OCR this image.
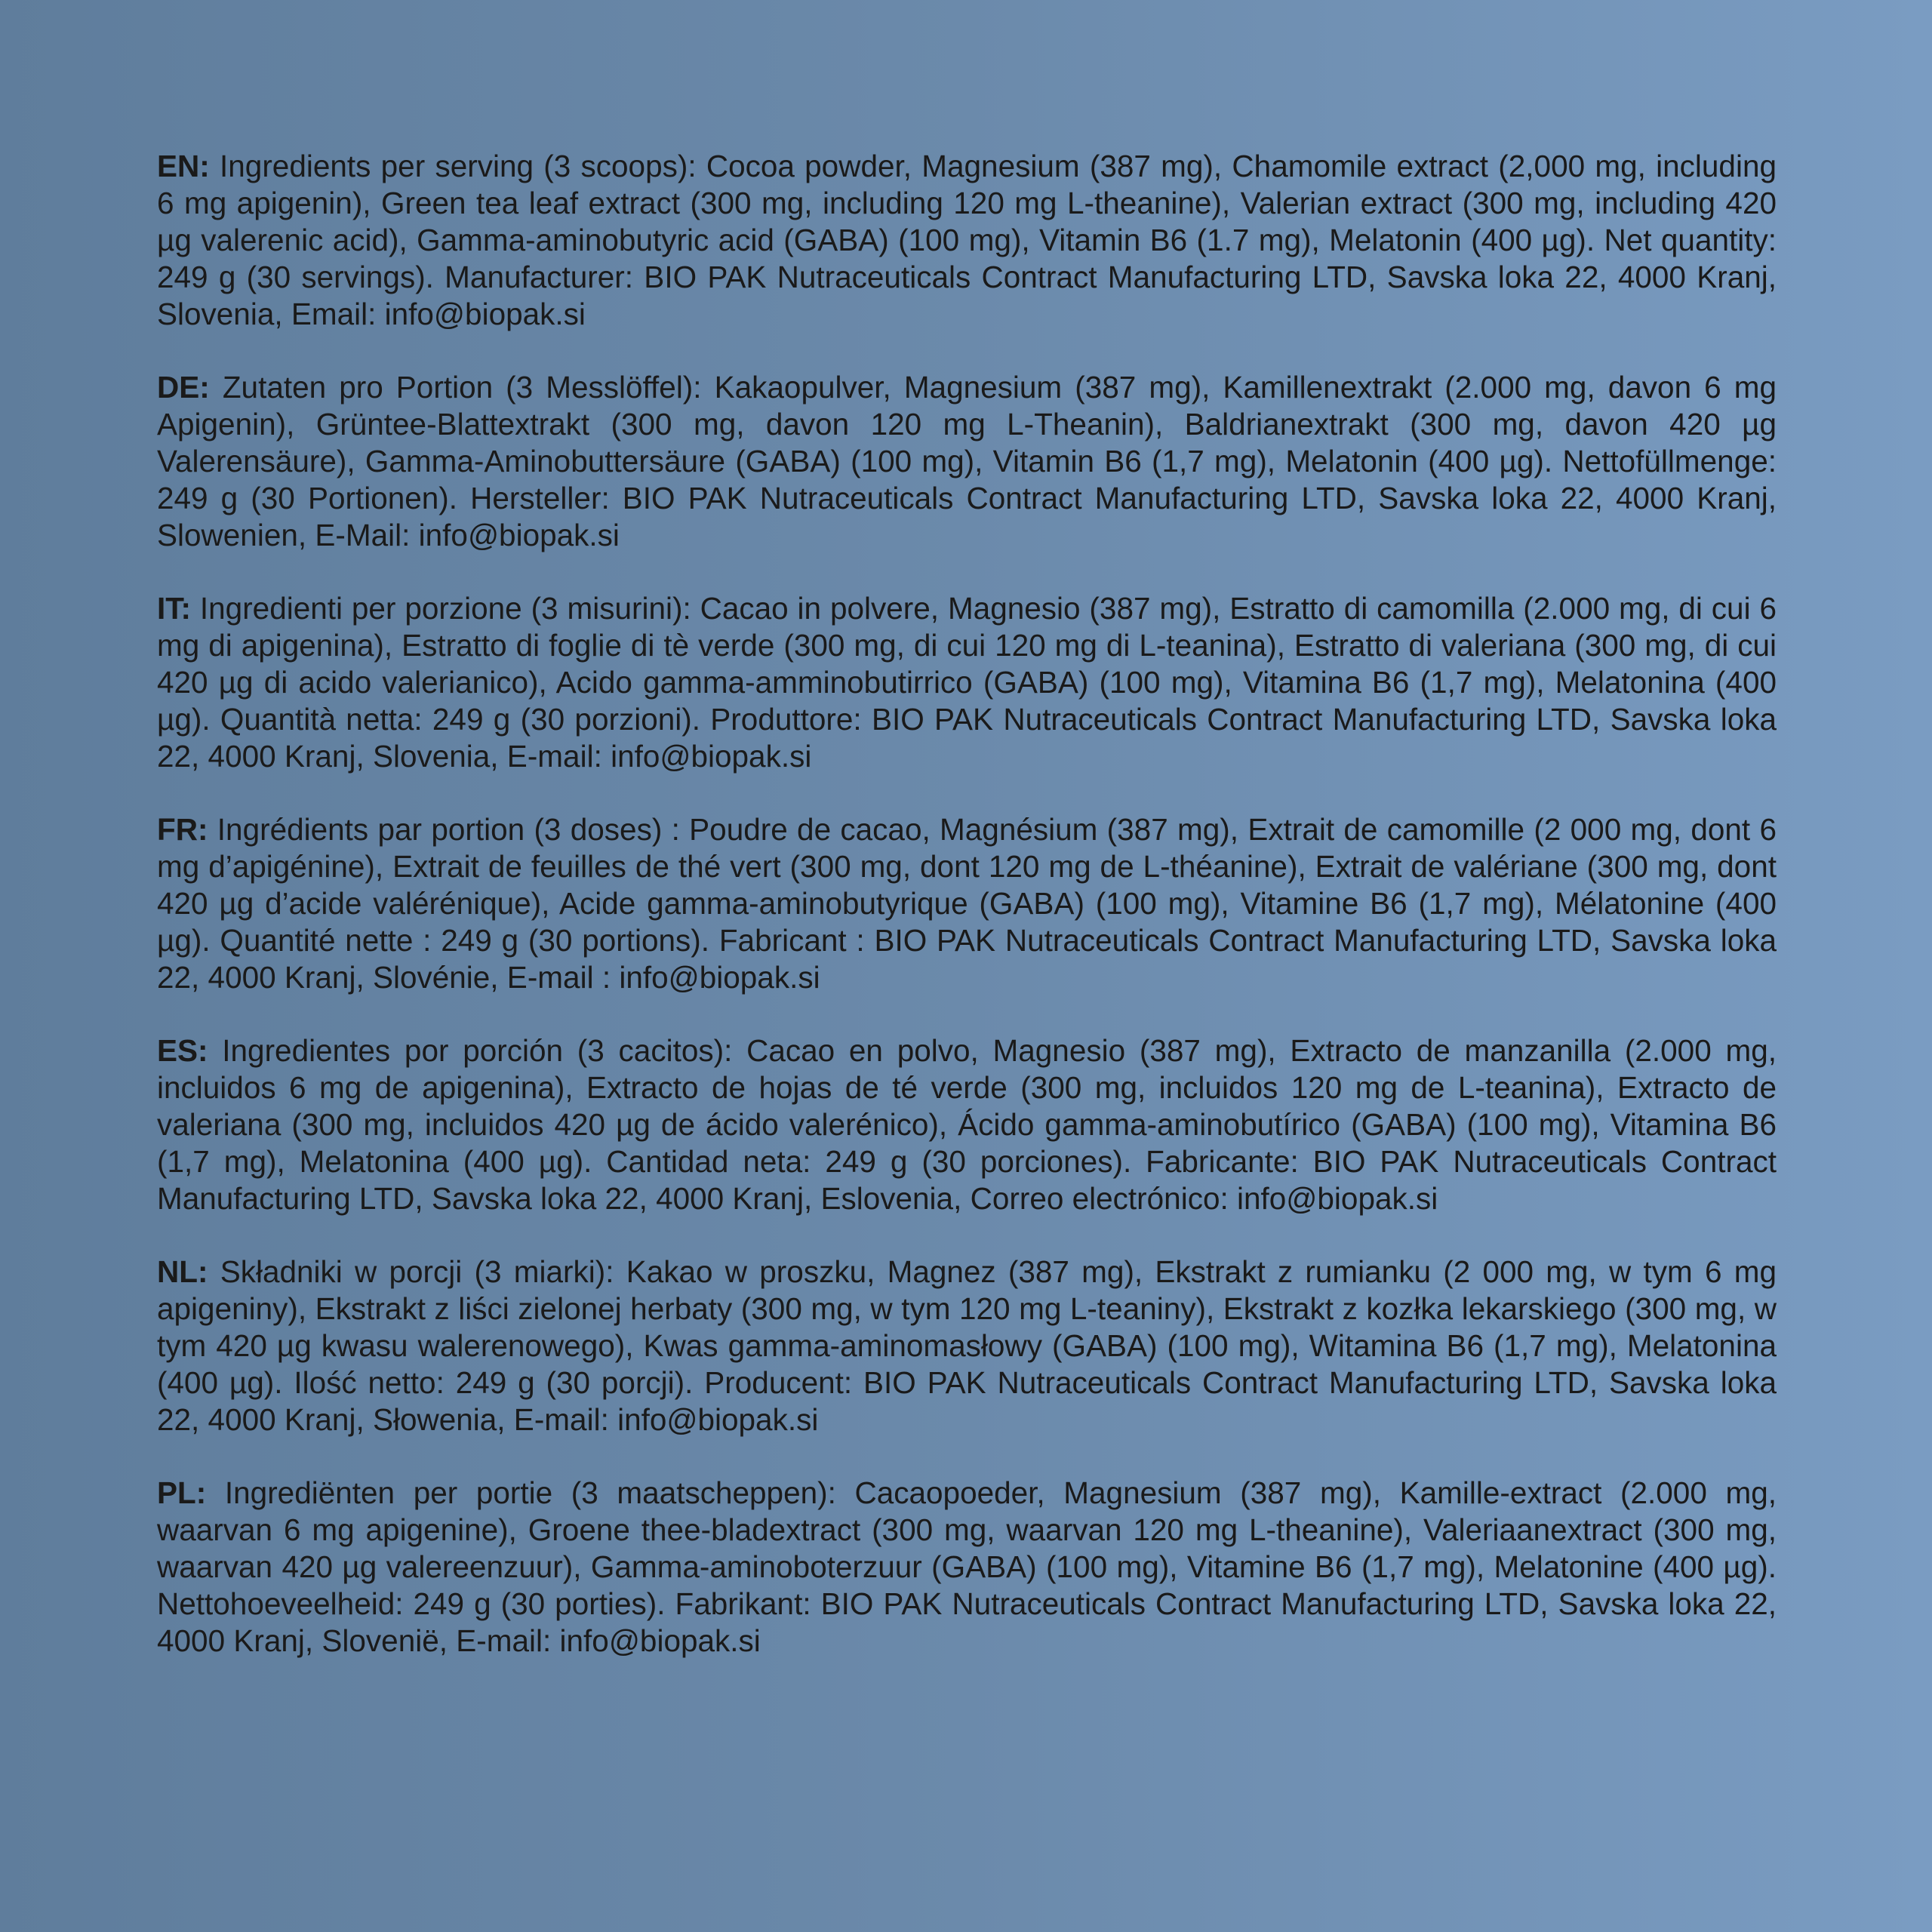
EN: Ingredients per serving (3 scoops): Cocoa powder, Magnesium (387 mg), Chamomile extract (2,000 mg, including 6 mg apigenin), Green tea leaf extract (300 mg, including 120 mg L-theanine), Valerian extract (300 mg, including 420 µg valerenic acid), Gamma-aminobutyric acid (GABA) (100 mg), Vitamin B6 (1.7 mg), Melatonin (400 µg). Net quantity: 249 g (30 servings). Manufacturer: BIO PAK Nutraceuticals Contract Manufacturing LTD, Savska loka 22, 4000 Kranj, Slovenia, Email: info@biopak.si

DE: Zutaten pro Portion (3 Messlöffel): Kakaopulver, Magnesium (387 mg), Kamillenextrakt (2.000 mg, davon 6 mg Apigenin), Grüntee-Blattextrakt (300 mg, davon 120 mg L-Theanin), Baldrianextrakt (300 mg, davon 420 µg Valerensäure), Gamma-Aminobuttersäure (GABA) (100 mg), Vitamin B6 (1,7 mg), Melatonin (400 µg). Nettofüllmenge: 249 g (30 Portionen). Hersteller: BIO PAK Nutraceuticals Contract Manufacturing LTD, Savska loka 22, 4000 Kranj, Slowenien, E-Mail: info@biopak.si

IT: Ingredienti per porzione (3 misurini): Cacao in polvere, Magnesio (387 mg), Estratto di camomilla (2.000 mg, di cui 6 mg di apigenina), Estratto di foglie di tè verde (300 mg, di cui 120 mg di L-teanina), Estratto di valeriana (300 mg, di cui 420 µg di acido valerianico), Acido gamma-amminobutirrico (GABA) (100 mg), Vitamina B6 (1,7 mg), Melatonina (400 µg). Quantità netta: 249 g (30 porzioni). Produttore: BIO PAK Nutraceuticals Contract Manufacturing LTD, Savska loka 22, 4000 Kranj, Slovenia, E-mail: info@biopak.si

FR: Ingrédients par portion (3 doses) : Poudre de cacao, Magnésium (387 mg), Extrait de camomille (2 000 mg, dont 6 mg d’apigénine), Extrait de feuilles de thé vert (300 mg, dont 120 mg de L-théanine), Extrait de valériane (300 mg, dont 420 µg d’acide valérénique), Acide gamma-aminobutyrique (GABA) (100 mg), Vitamine B6 (1,7 mg), Mélatonine (400 µg). Quantité nette : 249 g (30 portions). Fabricant : BIO PAK Nutraceuticals Contract Manufacturing LTD, Savska loka 22, 4000 Kranj, Slovénie, E-mail : info@biopak.si

ES: Ingredientes por porción (3 cacitos): Cacao en polvo, Magnesio (387 mg), Extracto de manzanilla (2.000 mg, incluidos 6 mg de apigenina), Extracto de hojas de té verde (300 mg, incluidos 120 mg de L-teanina), Extracto de valeriana (300 mg, incluidos 420 µg de ácido valerénico), Ácido gamma-aminobutírico (GABA) (100 mg), Vitamina B6 (1,7 mg), Melatonina (400 µg). Cantidad neta: 249 g (30 porciones). Fabricante: BIO PAK Nutraceuticals Contract Manufacturing LTD, Savska loka 22, 4000 Kranj, Eslovenia, Correo electrónico: info@biopak.si

NL: Składniki w porcji (3 miarki): Kakao w proszku, Magnez (387 mg), Ekstrakt z rumianku (2 000 mg, w tym 6 mg apigeniny), Ekstrakt z liści zielonej herbaty (300 mg, w tym 120 mg L-teaniny), Ekstrakt z kozłka lekarskiego (300 mg, w tym 420 µg kwasu walerenowego), Kwas gamma-aminomasłowy (GABA) (100 mg), Witamina B6 (1,7 mg), Melatonina (400 µg). Ilość netto: 249 g (30 porcji). Producent: BIO PAK Nutraceuticals Contract Manufacturing LTD, Savska loka 22, 4000 Kranj, Słowenia, E-mail: info@biopak.si

PL: Ingrediënten per portie (3 maatscheppen): Cacaopoeder, Magnesium (387 mg), Kamille-extract (2.000 mg, waarvan 6 mg apigenine), Groene thee-bladextract (300 mg, waarvan 120 mg L-theanine), Valeriaanextract (300 mg, waarvan 420 µg valereenzuur), Gamma-aminoboterzuur (GABA) (100 mg), Vitamine B6 (1,7 mg), Melatonine (400 µg). Nettohoeveelheid: 249 g (30 porties). Fabrikant: BIO PAK Nutraceuticals Contract Manufacturing LTD, Savska loka 22, 4000 Kranj, Slovenië, E-mail: info@biopak.si
